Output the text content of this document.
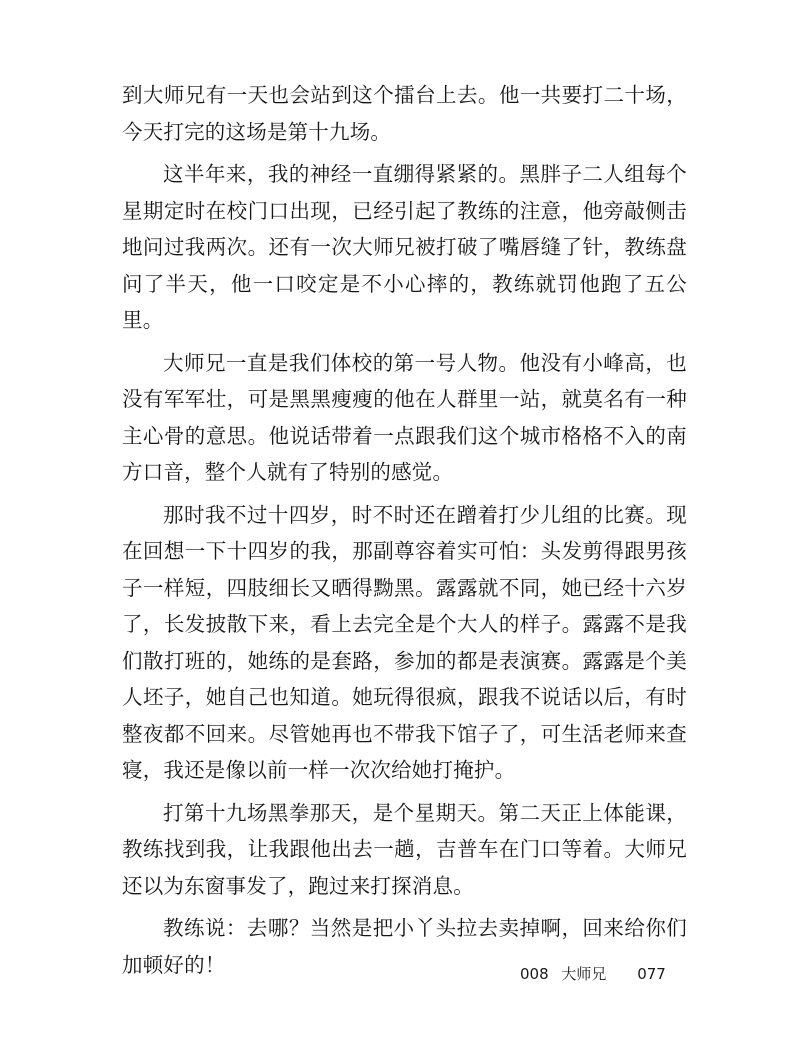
到大师兄有一天也会站到这个擂台上去。他一共要打二十场，今天打完的这场是第十九场。

这半年来，我的神经一直绷得紧紧的。黑胖子二人组每个星期定时在校门口出现，已经引起了教练的注意，他旁敲侧击地问过我两次。还有一次大师兄被打破了嘴唇缝了针，教练盘问了半天，他一口咬定是不小心摔的，教练就罚他跑了五公里。

大师兄一直是我们体校的第一号人物。他没有小峰高，也没有军军壮，可是黑黑瘦瘦的他在人群里一站，就莫名有一种主心骨的意思。他说话带着一点跟我们这个城市格格不入的南方口音，整个人就有了特别的感觉。

那时我不过十四岁，时不时还在蹭着打少儿组的比赛。现在回想一下十四岁的我，那副尊容着实可怕：头发剪得跟男孩子一样短，四肢细长又晒得黝黑。露露就不同，她已经十六岁了，长发披散下来，看上去完全是个大人的样子。露露不是我们散打班的，她练的是套路，参加的都是表演赛。露露是个美人坯子，她自己也知道。她玩得很疯，跟我不说话以后，有时整夜都不回来。尽管她再也不带我下馆子了，可生活老师来查寝，我还是像以前一样一次次给她打掩护。

打第十九场黑拳那天，是个星期天。第二天正上体能课，教练找到我，让我跟他出去一趟，吉普车在门口等着。大师兄还以为东窗事发了，跑过来打探消息。

教练说：去哪？当然是把小丫头拉去卖掉啊，回来给你们加顿好的！	008 大师兄 077
